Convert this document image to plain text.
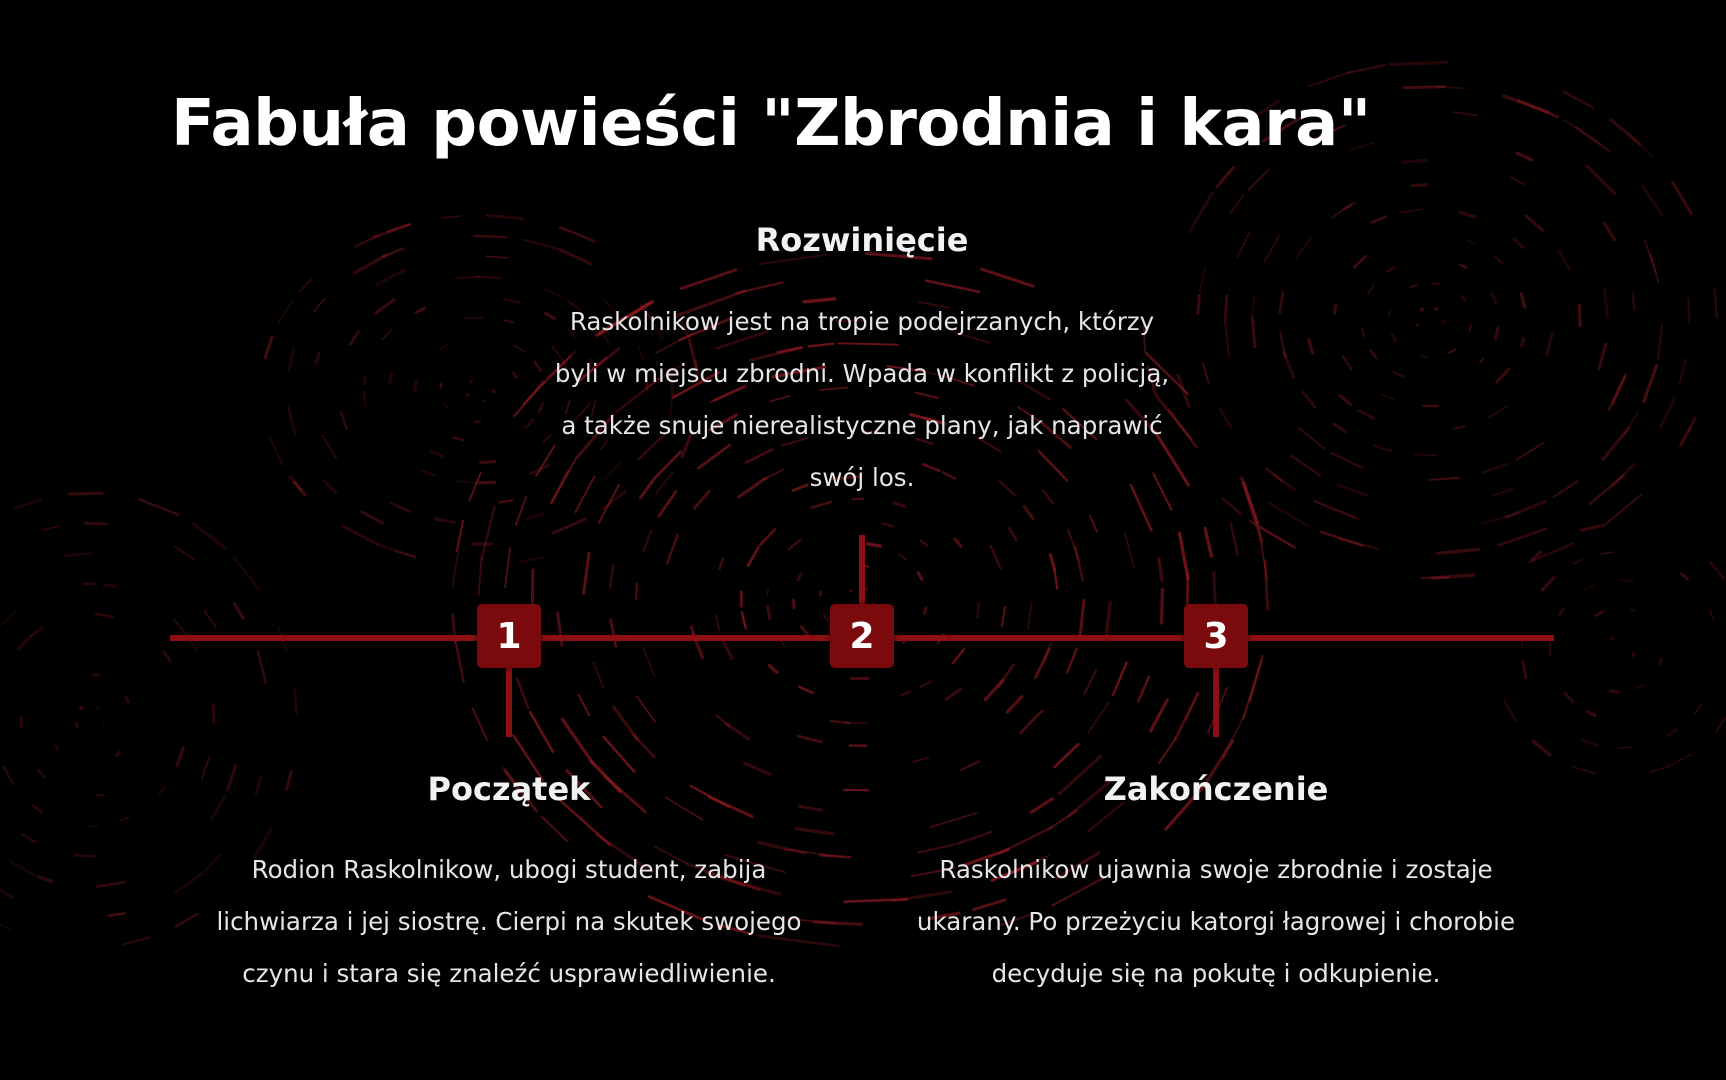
Fabuła powieści "Zbrodnia i kara"
1	2	3
Rozwinięcie

Raskolnikow jest na tropie podejrzanych, którzy byli w miejscu zbrodni. Wpada w konflikt z policją, a także snuje nierealistyczne plany, jak naprawić swój los.

Początek

Rodion Raskolnikow, ubogi student, zabija lichwiarza i jej siostrę. Cierpi na skutek swojego czynu i stara się znaleźć usprawiedliwienie.

Zakończenie

Raskolnikow ujawnia swoje zbrodnie i zostaje ukarany. Po przeżyciu katorgi łagrowej i chorobie decyduje się na pokutę i odkupienie.
